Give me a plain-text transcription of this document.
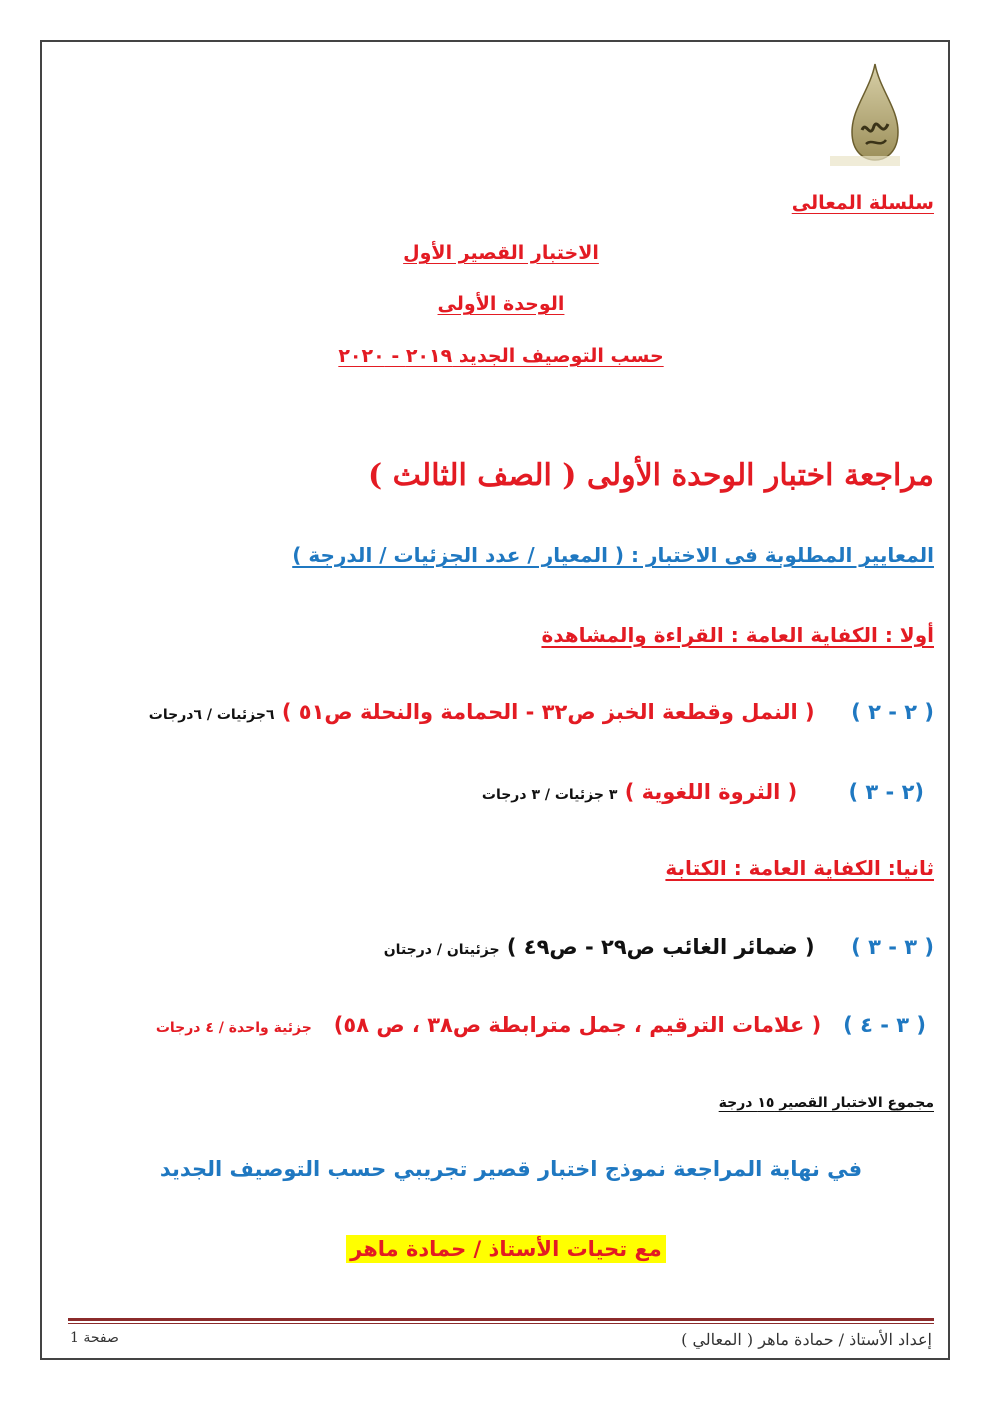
سلسلة المعالى
الاختبار القصير الأول
الوحدة الأولى
حسب التوصيف الجديد ٢٠١٩ - ٢٠٢٠
مراجعة اختبار الوحدة الأولى ( الصف الثالث )
المعايير المطلوبة فى الاختبار : ( المعيار / عدد الجزئيات / الدرجة )
أولا : الكفاية العامة : القراءة والمشاهدة
( ٢ - ٢ )     ( النمل وقطعة الخبز ص٣٢ - الحمامة والنحلة ص٥١ ) ٦جزئيات / ٦درجات
(٢ - ٣ )       ( الثروة اللغوية ) ٣ جزئيات / ٣ درجات
ثانيا: الكفاية العامة : الكتابة
( ٣ - ٣ )     ( ضمائر الغائب ص٢٩ - ص٤٩ ) جزئيتان / درجتان
( ٣ - ٤ )   ( علامات الترقيم ، جمل مترابطة ص٣٨ ، ص ٥٨)   جزئية واحدة / ٤ درجات
مجموع الاختبار القصير ١٥ درجة
في نهاية المراجعة نموذج اختبار قصير تجريبي حسب التوصيف الجديد
مع تحيات الأستاذ / حمادة ماهر
إعداد الأستاذ / حمادة ماهر ( المعالي )
صفحة 1
